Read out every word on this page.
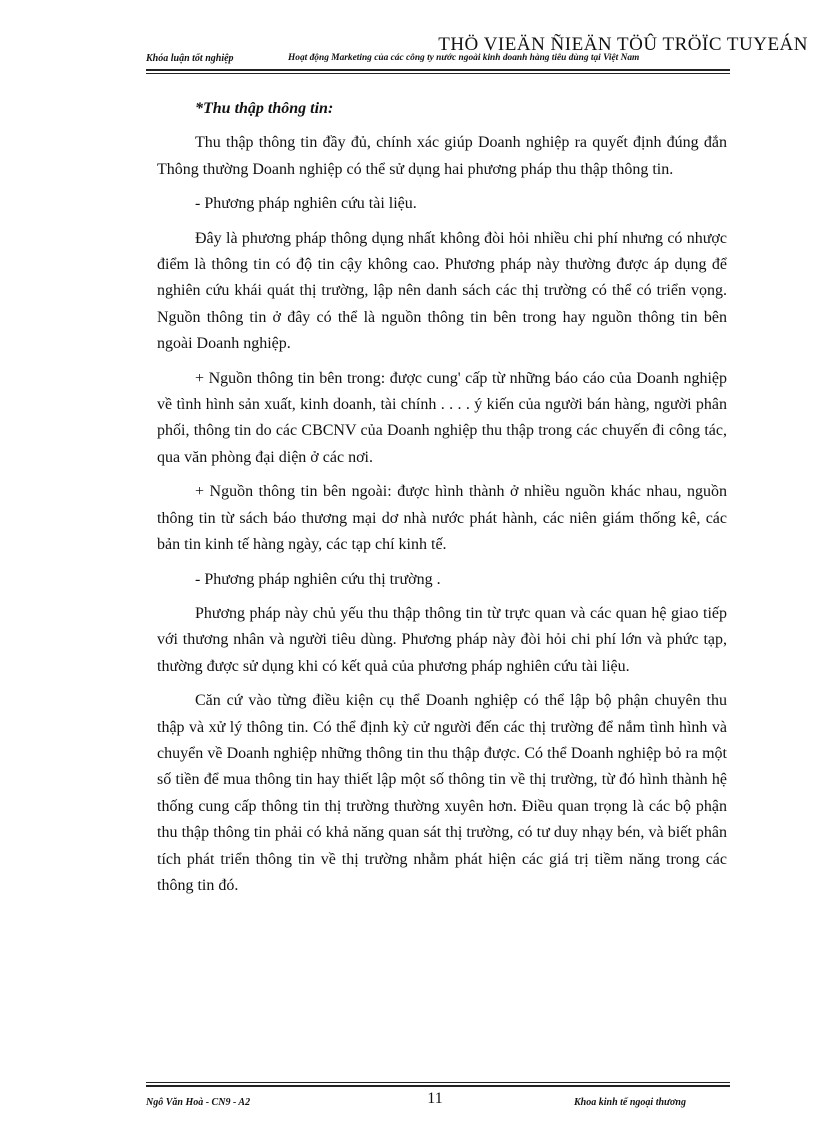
THÖ VIEÄN ÑIEÄN TÖÛ TRÖÏC TUYEÁN
Khóa luận tốt nghiệp	Hoạt động Marketing của các công ty nước ngoài kinh doanh hàng tiêu dùng tại Việt Nam

*Thu thập thông tin:

Thu thập thông tin đầy đủ, chính xác giúp Doanh nghiệp ra quyết định đúng đắn Thông thường Doanh nghiệp có thể sử dụng hai phương pháp thu thập thông tin.

- Phương pháp nghiên cứu tài liệu.

Đây là phương pháp thông dụng nhất không đòi hỏi nhiều chi phí nhưng có nhược điểm là thông tin có độ tin cậy không cao. Phương pháp này thường được áp dụng để nghiên cứu khái quát thị trường, lập nên danh sách các thị trường có thể có triển vọng. Nguồn thông tin ở đây có thể là nguồn thông tin bên trong hay nguồn thông tin bên ngoài Doanh nghiệp.

+ Nguồn thông tin bên trong: được cung' cấp từ những báo cáo của Doanh nghiệp về tình hình sản xuất, kinh doanh, tài chính . . . . ý kiến của người bán hàng, người phân phối, thông tin do các CBCNV của Doanh nghiệp thu thập trong các chuyến đi công tác, qua văn phòng đại diện ở các nơi.

+ Nguồn thông tin bên ngoài: được hình thành ở nhiều nguồn khác nhau, nguồn thông tin từ sách báo thương mại dơ nhà nước phát hành, các niên giám thống kê, các bản tin kinh tế hàng ngày, các tạp chí kinh tế.

- Phương pháp nghiên cứu thị trường .

Phương pháp này chủ yếu thu thập thông tin từ trực quan và các quan hệ giao tiếp với thương nhân và người tiêu dùng. Phương pháp này đòi hỏi chi phí lớn và phức tạp, thường được sử dụng khi có kết quả của phương pháp nghiên cứu tài liệu.

Căn cứ vào từng điều kiện cụ thể Doanh nghiệp có thể lập bộ phận chuyên thu thập và xử lý thông tin. Có thể định kỳ cử người đến các thị trường để nắm tình hình và chuyển về Doanh nghiệp những thông tin thu thập được. Có thể Doanh nghiệp bỏ ra một số tiền để mua thông tin hay thiết lập một số thông tin về thị trường, từ đó hình thành hệ thống cung cấp thông tin thị trường thường xuyên hơn. Điều quan trọng là các bộ phận thu thập thông tin phải có khả năng quan sát thị trường, có tư duy nhạy bén, và biết phân tích phát triển thông tin về thị trường nhằm phát hiện các giá trị tiềm năng trong các thông tin đó.

Ngô Văn Hoà - CN9 - A2	11	Khoa kinh tế ngoại thương
